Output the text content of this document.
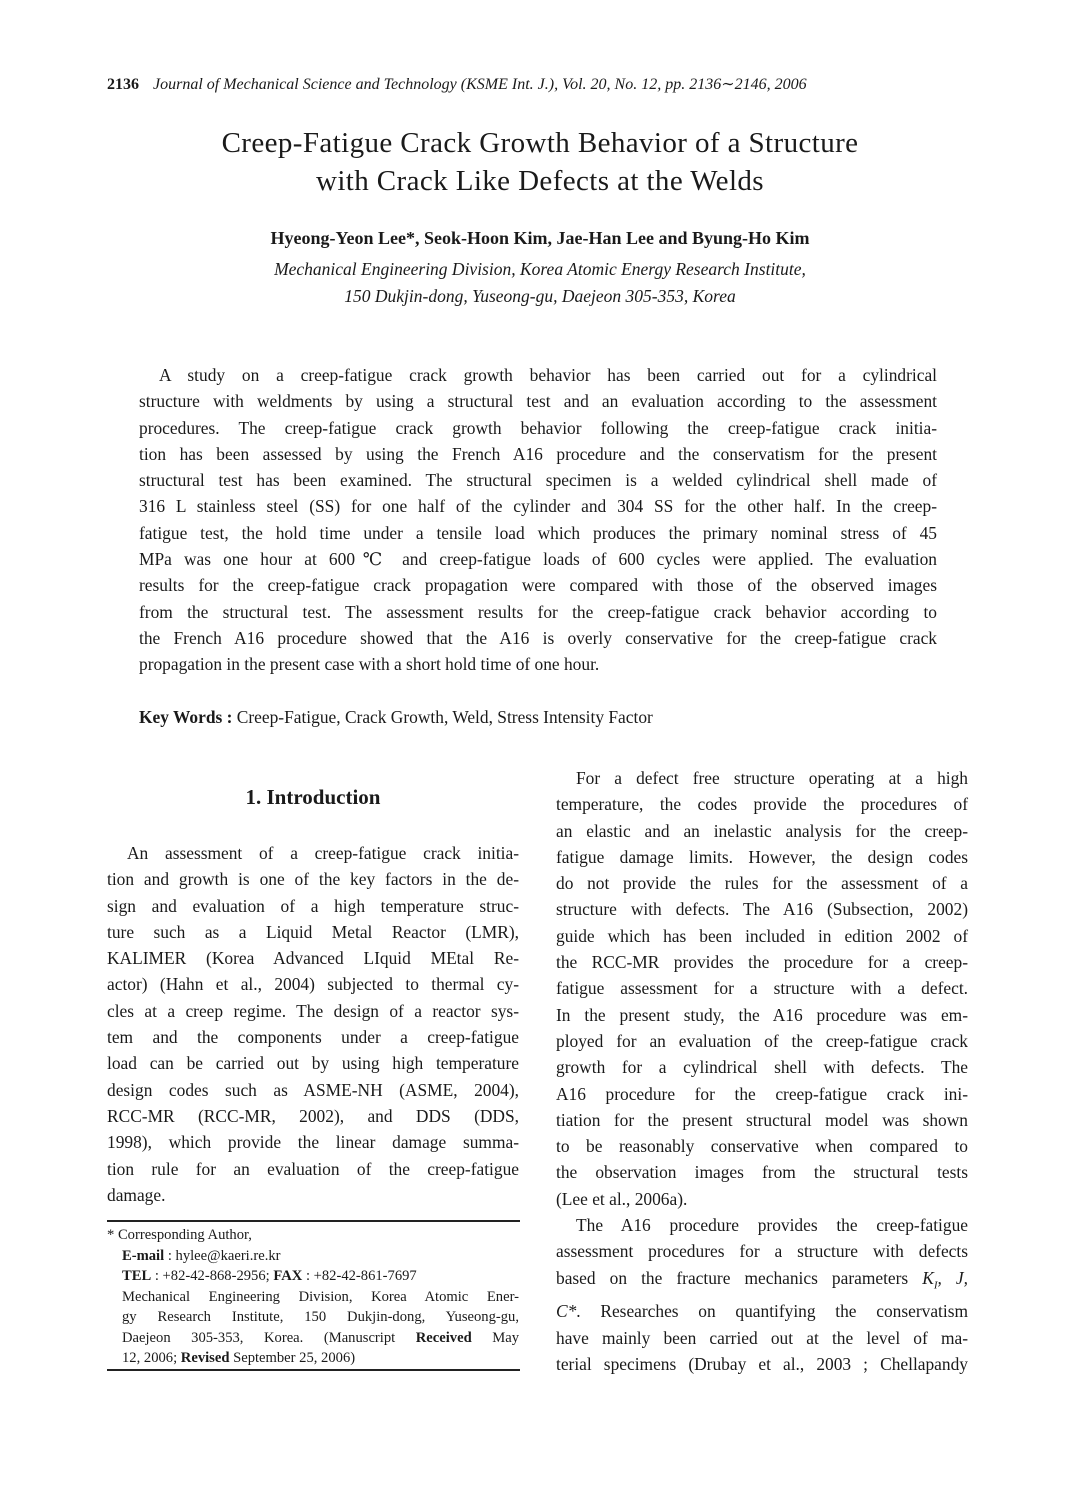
2136 Journal of Mechanical Science and Technology (KSME Int. J.), Vol. 20, No. 12, pp. 2136∼2146, 2006
Creep-Fatigue Crack Growth Behavior of a Structure
with Crack Like Defects at the Welds
Hyeong-Yeon Lee*, Seok-Hoon Kim, Jae-Han Lee and Byung-Ho Kim
Mechanical Engineering Division, Korea Atomic Energy Research Institute,
150 Dukjin-dong, Yuseong-gu, Daejeon 305-353, Korea
A study on a creep-fatigue crack growth behavior has been carried out for a cylindrical
structure with weldments by using a structural test and an evaluation according to the assessment
procedures. The creep-fatigue crack growth behavior following the creep-fatigue crack initia-
tion has been assessed by using the French A16 procedure and the conservatism for the present
structural test has been examined. The structural specimen is a welded cylindrical shell made of
316 L stainless steel (SS) for one half of the cylinder and 304 SS for the other half. In the creep-
fatigue test, the hold time under a tensile load which produces the primary nominal stress of 45
MPa was one hour at 600℃ and creep-fatigue loads of 600 cycles were applied. The evaluation
results for the creep-fatigue crack propagation were compared with those of the observed images
from the structural test. The assessment results for the creep-fatigue crack behavior according to
the French A16 procedure showed that the A16 is overly conservative for the creep-fatigue crack
propagation in the present case with a short hold time of one hour.
Key Words : Creep-Fatigue, Crack Growth, Weld, Stress Intensity Factor
1. Introduction
An assessment of a creep-fatigue crack initia-
tion and growth is one of the key factors in the de-
sign and evaluation of a high temperature struc-
ture such as a Liquid Metal Reactor (LMR),
KALIMER (Korea Advanced LIquid MEtal Re-
actor) (Hahn et al., 2004) subjected to thermal cy-
cles at a creep regime. The design of a reactor sys-
tem and the components under a creep-fatigue
load can be carried out by using high temperature
design codes such as ASME-NH (ASME, 2004),
RCC-MR (RCC-MR, 2002), and DDS (DDS,
1998), which provide the linear damage summa-
tion rule for an evaluation of the creep-fatigue
damage.
* Corresponding Author,
E-mail : hylee@kaeri.re.kr
TEL : +82-42-868-2956; FAX : +82-42-861-7697
Mechanical Engineering Division, Korea Atomic Ener-
gy Research Institute, 150 Dukjin-dong, Yuseong-gu,
Daejeon 305-353, Korea. (Manuscript Received May
12, 2006; Revised September 25, 2006)
For a defect free structure operating at a high
temperature, the codes provide the procedures of
an elastic and an inelastic analysis for the creep-
fatigue damage limits. However, the design codes
do not provide the rules for the assessment of a
structure with defects. The A16 (Subsection, 2002)
guide which has been included in edition 2002 of
the RCC-MR provides the procedure for a creep-
fatigue assessment for a structure with a defect.
In the present study, the A16 procedure was em-
ployed for an evaluation of the creep-fatigue crack
growth for a cylindrical shell with defects. The
A16 procedure for the creep-fatigue crack ini-
tiation for the present structural model was shown
to be reasonably conservative when compared to
the observation images from the structural tests
(Lee et al., 2006a).
The A16 procedure provides the creep-fatigue
assessment procedures for a structure with defects
based on the fracture mechanics parameters $K_I$, J,
C*. Researches on quantifying the conservatism
have mainly been carried out at the level of ma-
terial specimens (Drubay et al., 2003 ; Chellapandy
